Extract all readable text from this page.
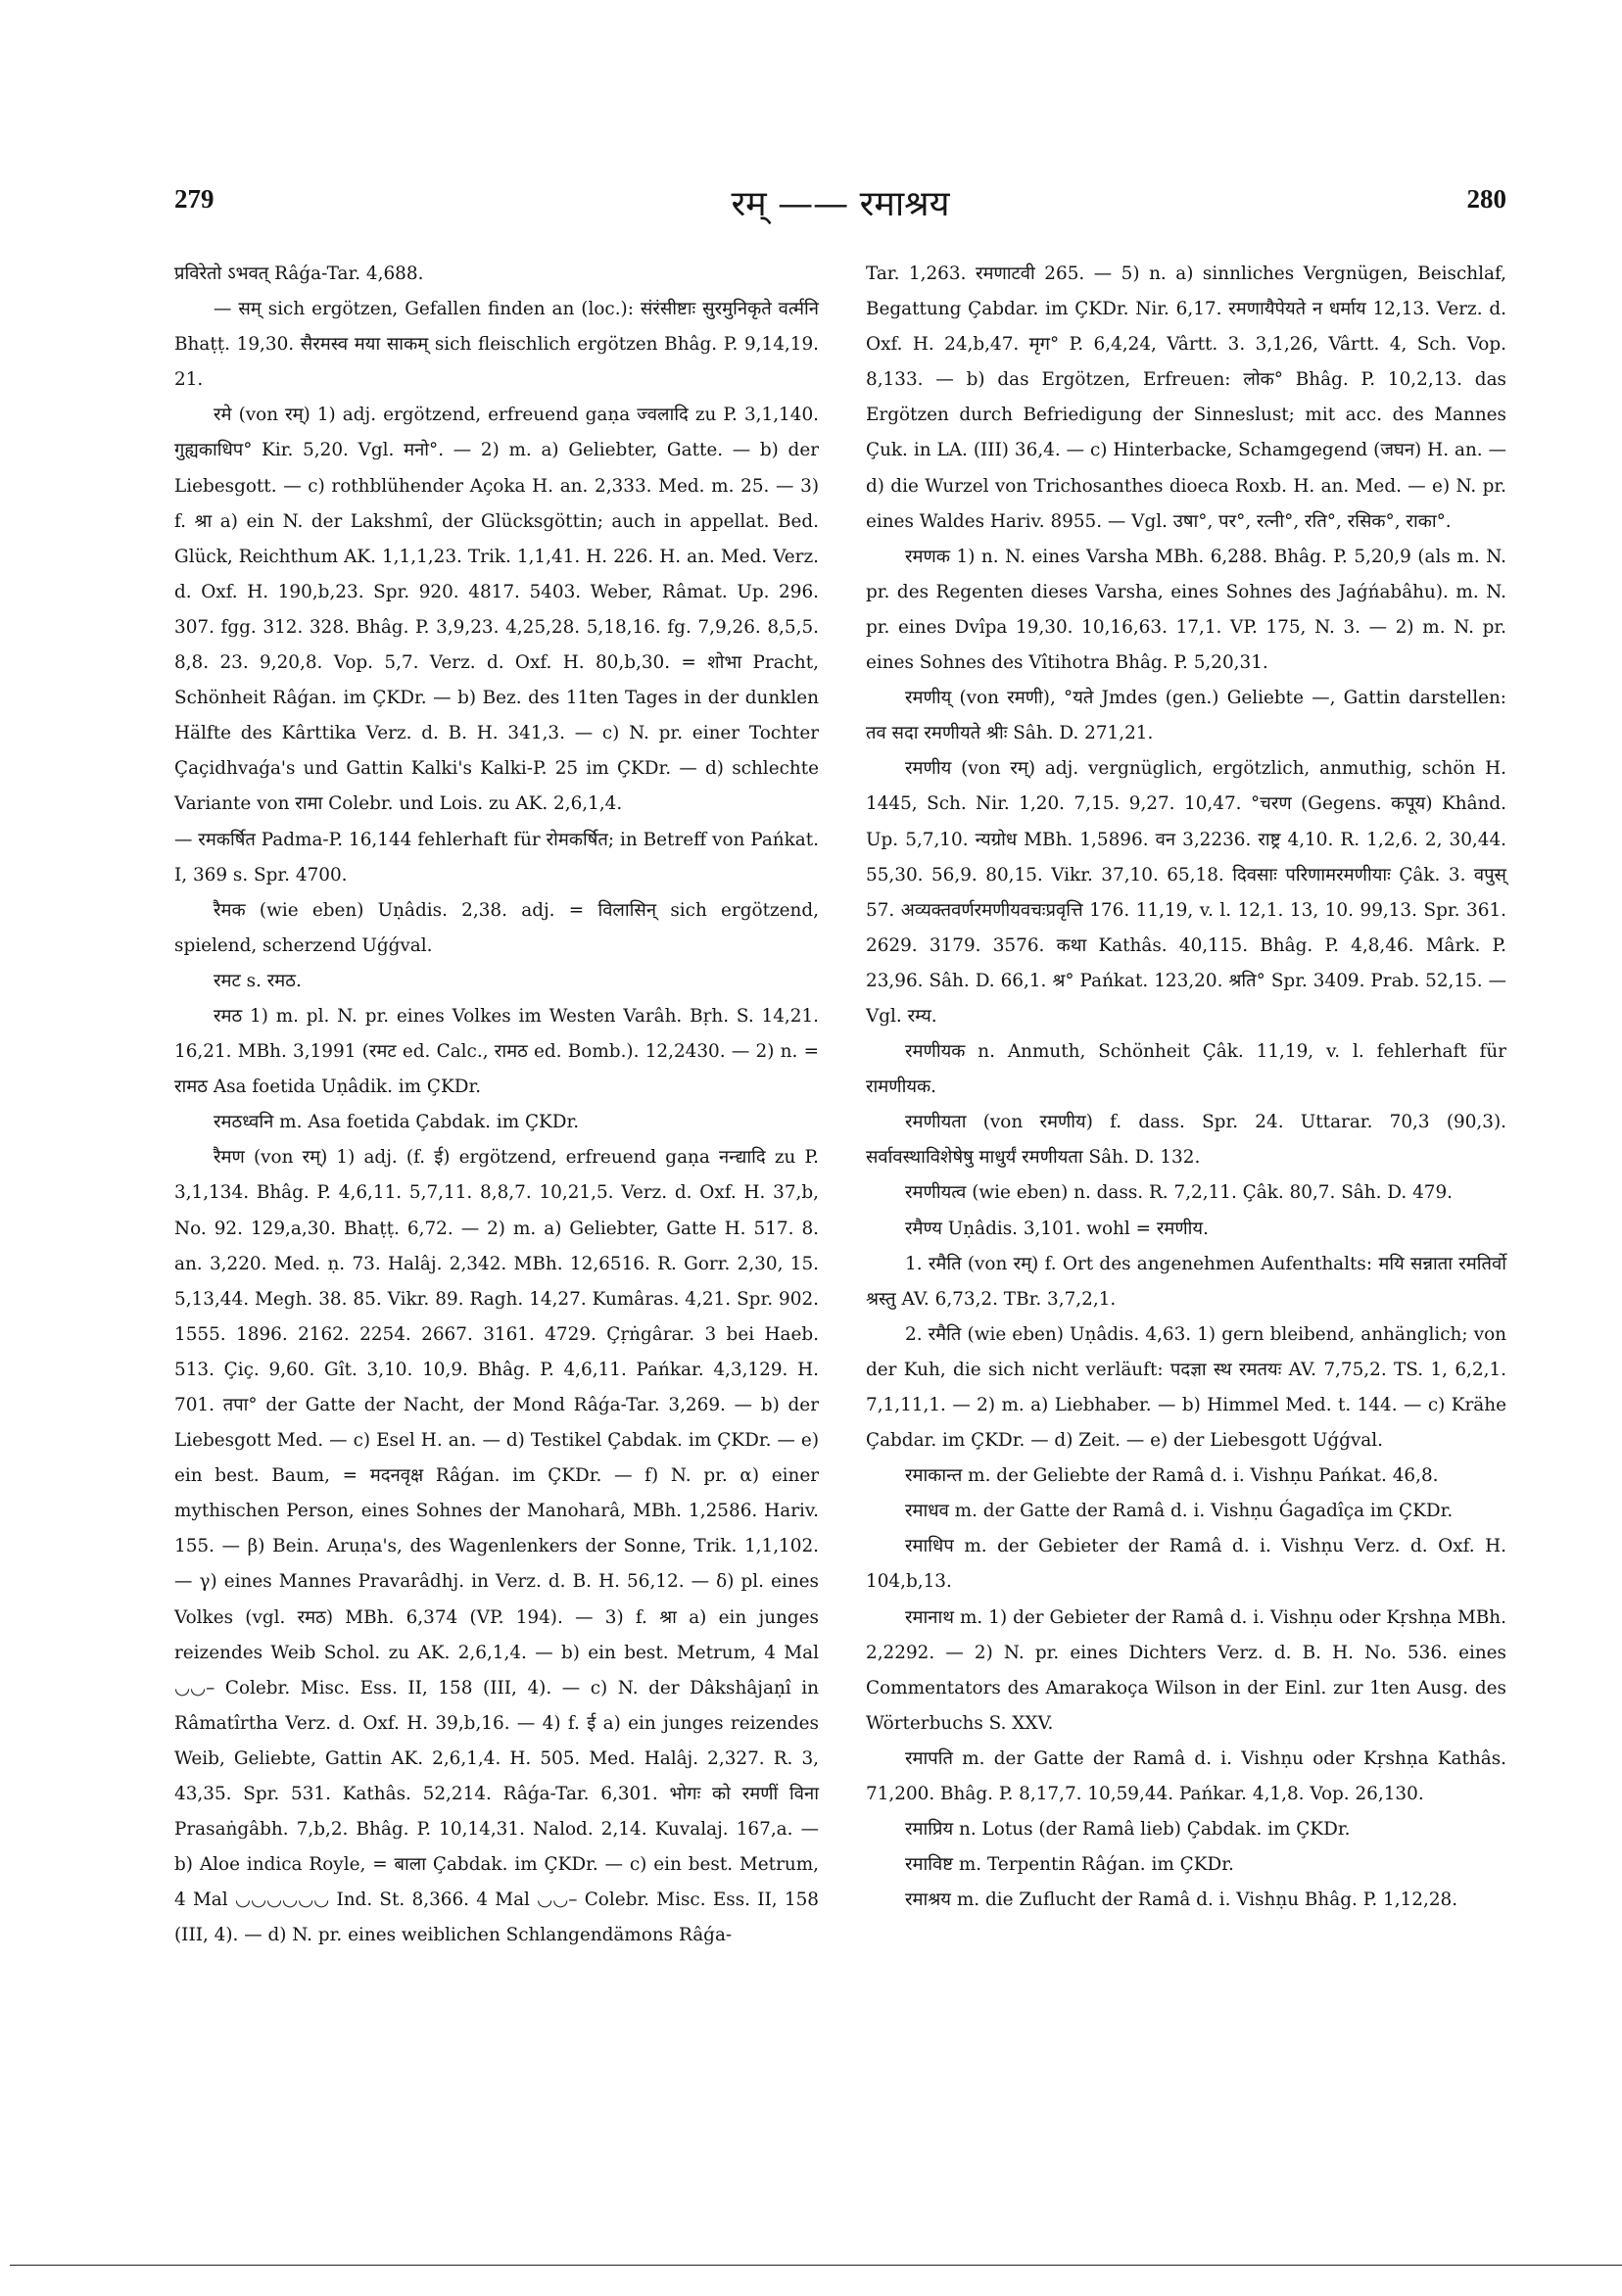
279	रम् —— रमाश्रय	280

प्रविरेतो ऽभवत् Râǵa-Tar. 4,688.

— सम् sich ergötzen, Gefallen finden an (loc.): संरंसीष्टाः सुरमुनिकृते वर्त्मनि Bhaṭṭ. 19,30. सैरमस्व मया साकम् sich fleischlich ergötzen Bhâg. P. 9,14,19. 21.

रमे (von रम्) 1) adj. ergötzend, erfreuend gaṇa ज्वलादि zu P. 3,1,140. गुह्यकाधिप° Kir. 5,20. Vgl. मनो°. — 2) m. a) Geliebter, Gatte. — b) der Liebesgott. — c) rothblühender Açoka H. an. 2,333. Med. m. 25. — 3) f. श्रा a) ein N. der Lakshmî, der Glücksgöttin; auch in appellat. Bed. Glück, Reichthum AK. 1,1,1,23. Trik. 1,1,41. H. 226. H. an. Med. Verz. d. Oxf. H. 190,b,23. Spr. 920. 4817. 5403. Weber, Râmat. Up. 296. 307. fgg. 312. 328. Bhâg. P. 3,9,23. 4,25,28. 5,18,16. fg. 7,9,26. 8,5,5. 8,8. 23. 9,20,8. Vop. 5,7. Verz. d. Oxf. H. 80,b,30. = शोभा Pracht, Schönheit Râǵan. im ÇKDr. — b) Bez. des 11ten Tages in der dunklen Hälfte des Kârttika Verz. d. B. H. 341,3. — c) N. pr. einer Tochter Çaçidhvaǵa's und Gattin Kalki's Kalki-P. 25 im ÇKDr. — d) schlechte Variante von रामा Colebr. und Lois. zu AK. 2,6,1,4.

— रमकर्षित Padma-P. 16,144 fehlerhaft für रोमकर्षित; in Betreff von Pańkat. I, 369 s. Spr. 4700.

रैमक (wie eben) Uṇâdis. 2,38. adj. = विलासिन् sich ergötzend, spielend, scherzend Uǵǵval.

रमट s. रमठ.

रमठ 1) m. pl. N. pr. eines Volkes im Westen Varâh. Bṛh. S. 14,21. 16,21. MBh. 3,1991 (रमट ed. Calc., रामठ ed. Bomb.). 12,2430. — 2) n. = रामठ Asa foetida Uṇâdik. im ÇKDr.

रमठध्वनि m. Asa foetida Çabdak. im ÇKDr.

रैमण (von रम्) 1) adj. (f. ई) ergötzend, erfreuend gaṇa नन्द्यादि zu P. 3,1,134. Bhâg. P. 4,6,11. 5,7,11. 8,8,7. 10,21,5. Verz. d. Oxf. H. 37,b, No. 92. 129,a,30. Bhaṭṭ. 6,72. — 2) m. a) Geliebter, Gatte H. 517. 8. an. 3,220. Med. ṇ. 73. Halâj. 2,342. MBh. 12,6516. R. Gorr. 2,30, 15. 5,13,44. Megh. 38. 85. Vikr. 89. Ragh. 14,27. Kumâras. 4,21. Spr. 902. 1555. 1896. 2162. 2254. 2667. 3161. 4729. Çṛṅgârar. 3 bei Haeb. 513. Çiç. 9,60. Gît. 3,10. 10,9. Bhâg. P. 4,6,11. Pańkar. 4,3,129. H. 701. तपा° der Gatte der Nacht, der Mond Râǵa-Tar. 3,269. — b) der Liebesgott Med. — c) Esel H. an. — d) Testikel Çabdak. im ÇKDr. — e) ein best. Baum, = मदनवृक्ष Râǵan. im ÇKDr. — f) N. pr. α) einer mythischen Person, eines Sohnes der Manoharâ, MBh. 1,2586. Hariv. 155. — β) Bein. Aruṇa's, des Wagenlenkers der Sonne, Trik. 1,1,102. — γ) eines Mannes Pravarâdhj. in Verz. d. B. H. 56,12. — δ) pl. eines Volkes (vgl. रमठ) MBh. 6,374 (VP. 194). — 3) f. श्रा a) ein junges reizendes Weib Schol. zu AK. 2,6,1,4. — b) ein best. Metrum, 4 Mal ◡◡– Colebr. Misc. Ess. II, 158 (III, 4). — c) N. der Dâkshâjaṇî in Râmatîrtha Verz. d. Oxf. H. 39,b,16. — 4) f. ई a) ein junges reizendes Weib, Geliebte, Gattin AK. 2,6,1,4. H. 505. Med. Halâj. 2,327. R. 3, 43,35. Spr. 531. Kathâs. 52,214. Râǵa-Tar. 6,301. भोगः को रमणीं विना Prasaṅgâbh. 7,b,2. Bhâg. P. 10,14,31. Nalod. 2,14. Kuvalaj. 167,a. — b) Aloe indica Royle, = बाला Çabdak. im ÇKDr. — c) ein best. Metrum, 4 Mal ◡◡◡◡◡◡ Ind. St. 8,366. 4 Mal ◡◡– Colebr. Misc. Ess. II, 158 (III, 4). — d) N. pr. eines weiblichen Schlangendämons Râǵa-

Tar. 1,263. रमणाटवी 265. — 5) n. a) sinnliches Vergnügen, Beischlaf, Begattung Çabdar. im ÇKDr. Nir. 6,17. रमणायैपेयते न धर्माय 12,13. Verz. d. Oxf. H. 24,b,47. मृग° P. 6,4,24, Vârtt. 3. 3,1,26, Vârtt. 4, Sch. Vop. 8,133. — b) das Ergötzen, Erfreuen: लोक° Bhâg. P. 10,2,13. das Ergötzen durch Befriedigung der Sinneslust; mit acc. des Mannes Çuk. in LA. (III) 36,4. — c) Hinterbacke, Schamgegend (जघन) H. an. — d) die Wurzel von Trichosanthes dioeca Roxb. H. an. Med. — e) N. pr. eines Waldes Hariv. 8955. — Vgl. उषा°, पर°, रत्नी°, रति°, रसिक°, राका°.

रमणक 1) n. N. eines Varsha MBh. 6,288. Bhâg. P. 5,20,9 (als m. N. pr. des Regenten dieses Varsha, eines Sohnes des Jaǵńabâhu). m. N. pr. eines Dvîpa 19,30. 10,16,63. 17,1. VP. 175, N. 3. — 2) m. N. pr. eines Sohnes des Vîtihotra Bhâg. P. 5,20,31.

रमणीय् (von रमणी), °यते Jmdes (gen.) Geliebte —, Gattin darstellen: तव सदा रमणीयते श्रीः Sâh. D. 271,21.

रमणीय (von रम्) adj. vergnüglich, ergötzlich, anmuthig, schön H. 1445, Sch. Nir. 1,20. 7,15. 9,27. 10,47. °चरण (Gegens. कपूय) Khând. Up. 5,7,10. न्यग्रोध MBh. 1,5896. वन 3,2236. राष्ट्र 4,10. R. 1,2,6. 2, 30,44. 55,30. 56,9. 80,15. Vikr. 37,10. 65,18. दिवसाः परिणामरमणीयाः Çâk. 3. वपुस् 57. अव्यक्तवर्णरमणीयवचःप्रवृत्ति 176. 11,19, v. l. 12,1. 13, 10. 99,13. Spr. 361. 2629. 3179. 3576. कथा Kathâs. 40,115. Bhâg. P. 4,8,46. Mârk. P. 23,96. Sâh. D. 66,1. श्र° Pańkat. 123,20. श्रति° Spr. 3409. Prab. 52,15. — Vgl. रम्य.

रमणीयक n. Anmuth, Schönheit Çâk. 11,19, v. l. fehlerhaft für रामणीयक.

रमणीयता (von रमणीय) f. dass. Spr. 24. Uttarar. 70,3 (90,3). सर्वावस्थाविशेषेषु माधुर्यं रमणीयता Sâh. D. 132.

रमणीयत्व (wie eben) n. dass. R. 7,2,11. Çâk. 80,7. Sâh. D. 479.

रमैण्य Uṇâdis. 3,101. wohl = रमणीय.

1. रमैति (von रम्) f. Ort des angenehmen Aufenthalts: मयि सन्नाता रमतिर्वो श्रस्तु AV. 6,73,2. TBr. 3,7,2,1.

2. रमैति (wie eben) Uṇâdis. 4,63. 1) gern bleibend, anhänglich; von der Kuh, die sich nicht verläuft: पदज्ञा स्थ रमतयः AV. 7,75,2. TS. 1, 6,2,1. 7,1,11,1. — 2) m. a) Liebhaber. — b) Himmel Med. t. 144. — c) Krähe Çabdar. im ÇKDr. — d) Zeit. — e) der Liebesgott Uǵǵval.

रमाकान्त m. der Geliebte der Ramâ d. i. Vishṇu Pańkat. 46,8.

रमाधव m. der Gatte der Ramâ d. i. Vishṇu Ǵagadîça im ÇKDr.

रमाधिप m. der Gebieter der Ramâ d. i. Vishṇu Verz. d. Oxf. H. 104,b,13.

रमानाथ m. 1) der Gebieter der Ramâ d. i. Vishṇu oder Kṛshṇa MBh. 2,2292. — 2) N. pr. eines Dichters Verz. d. B. H. No. 536. eines Commentators des Amarakoça Wilson in der Einl. zur 1ten Ausg. des Wörterbuchs S. XXV.

रमापति m. der Gatte der Ramâ d. i. Vishṇu oder Kṛshṇa Kathâs. 71,200. Bhâg. P. 8,17,7. 10,59,44. Pańkar. 4,1,8. Vop. 26,130.

रमाप्रिय n. Lotus (der Ramâ lieb) Çabdak. im ÇKDr.

रमाविष्ट m. Terpentin Râǵan. im ÇKDr.

रमाश्रय m. die Zuflucht der Ramâ d. i. Vishṇu Bhâg. P. 1,12,28.
